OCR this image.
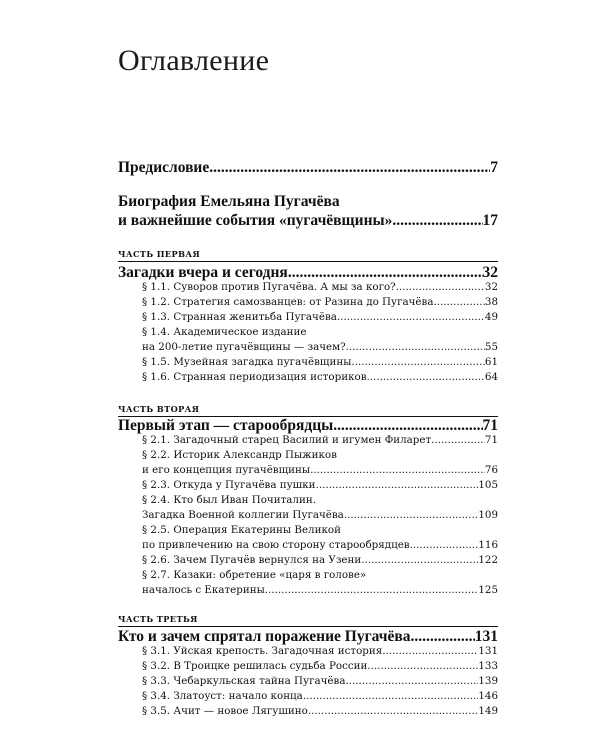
Оглавление
Предисловие .....	7
Биография Емельяна Пугачёва
и важнейшие события «пугачёвщины» .....	17
ЧАСТЬ ПЕРВАЯ
Загадки вчера и сегодня .....	32
§ 1.1. Суворов против Пугачёва. А мы за кого? .....	32
§ 1.2. Стратегия самозванцев: от Разина до Пугачёва .....	38
§ 1.3. Странная женитьба Пугачёва .....	49
§ 1.4. Академическое издание
на 200-летие пугачёвщины — зачем? .....	55
§ 1.5. Музейная загадка пугачёвщины .....	61
§ 1.6. Странная периодизация историков .....	64
ЧАСТЬ ВТОРАЯ
Первый этап — старообрядцы .....	71
§ 2.1. Загадочный старец Василий и игумен Филарет .....	71
§ 2.2. Историк Александр Пыжиков
и его концепция пугачёвщины .....	76
§ 2.3. Откуда у Пугачёва пушки .....	105
§ 2.4. Кто был Иван Почиталин.
Загадка Военной коллегии Пугачёва .....	109
§ 2.5. Операция Екатерины Великой
по привлечению на свою сторону старообрядцев .....	116
§ 2.6. Зачем Пугачёв вернулся на Узени .....	122
§ 2.7. Казаки: обретение «царя в голове»
началось с Екатерины .....	125
ЧАСТЬ ТРЕТЬЯ
Кто и зачем спрятал поражение Пугачёва .....	131
§ 3.1. Уйская крепость. Загадочная история .....	131
§ 3.2. В Троицке решилась судьба России .....	133
§ 3.3. Чебаркульская тайна Пугачёва .....	139
§ 3.4. Златоуст: начало конца .....	146
§ 3.5. Ачит — новое Лягушино .....	149
